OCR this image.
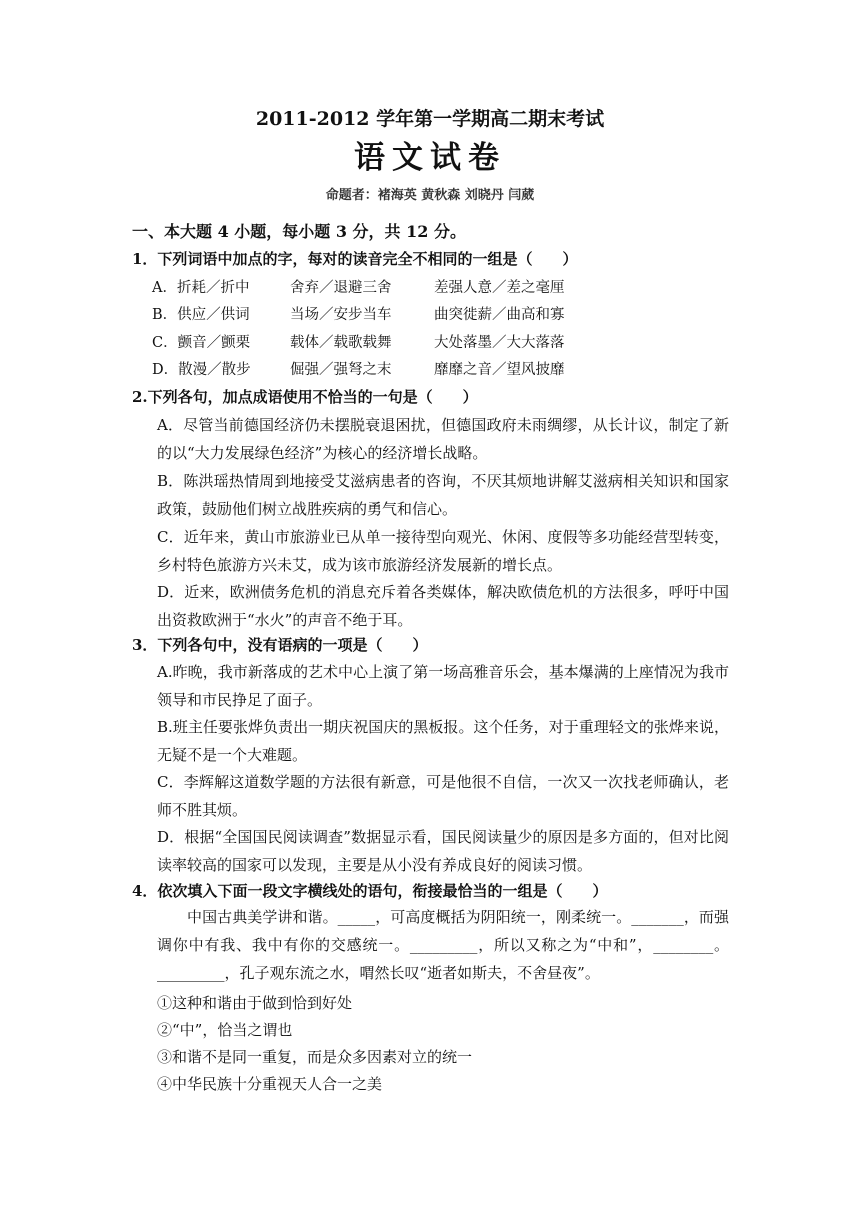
2011-2012 学年第一学期高二期末考试
语文试卷
命题者：褚海英 黄秋森 刘晓丹 闫葳
一、本大题 4 小题，每小题 3 分，共 12 分。
1．下列词语中加点的字，每对的读音完全不相同的一组是（　　）
A．折耗／折中	舍弃／退避三舍	差强人意／差之毫厘
B．供应／供词	当场／安步当车	曲突徙薪／曲高和寡
C．颤音／颤栗	载体／载歌载舞	大处落墨／大大落落
D．散漫／散步	倔强／强弩之末	靡靡之音／望风披靡
2.下列各句，加点成语使用不恰当的一句是（　　）
A．尽管当前德国经济仍未摆脱衰退困扰，但德国政府未雨绸缪，从长计议，制定了新的以“大力发展绿色经济”为核心的经济增长战略。
B．陈洪瑶热情周到地接受艾滋病患者的咨询，不厌其烦地讲解艾滋病相关知识和国家政策，鼓励他们树立战胜疾病的勇气和信心。
C．近年来，黄山市旅游业已从单一接待型向观光、休闲、度假等多功能经营型转变，乡村特色旅游方兴未艾，成为该市旅游经济发展新的增长点。
D．近来，欧洲债务危机的消息充斥着各类媒体，解决欧债危机的方法很多，呼吁中国出资救欧洲于“水火”的声音不绝于耳。
3．下列各句中，没有语病的一项是（　　）
A.昨晚，我市新落成的艺术中心上演了第一场高雅音乐会，基本爆满的上座情况为我市领导和市民挣足了面子。
B.班主任要张烨负责出一期庆祝国庆的黑板报。这个任务，对于重理轻文的张烨来说，无疑不是一个大难题。
C．李辉解这道数学题的方法很有新意，可是他很不自信，一次又一次找老师确认，老师不胜其烦。
D．根据“全国国民阅读调查”数据显示看，国民阅读量少的原因是多方面的，但对比阅读率较高的国家可以发现，主要是从小没有养成良好的阅读习惯。
4．依次填入下面一段文字横线处的语句，衔接最恰当的一组是（　　）
中国古典美学讲和谐。_____，可高度概括为阴阳统一，刚柔统一。_______，而强调你中有我、我中有你的交感统一。_________，所以又称之为“中和”，________。_________，孔子观东流之水，喟然长叹“逝者如斯夫，不舍昼夜”。
①这种和谐由于做到恰到好处
②“中”，恰当之谓也
③和谐不是同一重复，而是众多因素对立的统一
④中华民族十分重视天人合一之美
